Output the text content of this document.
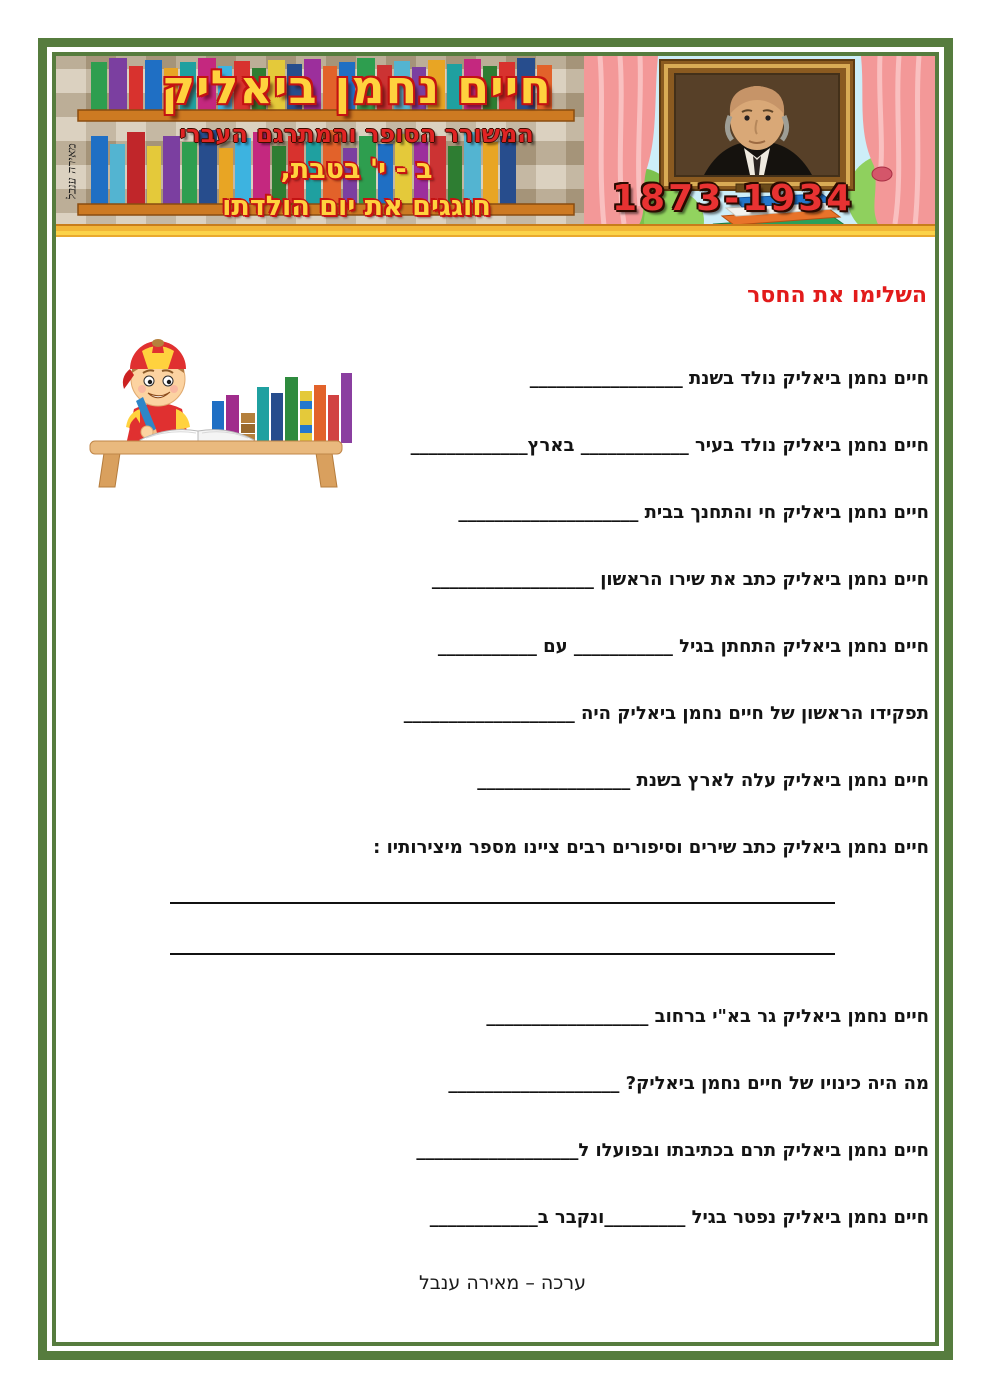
חיים נחמן ביאליק
המשורר הסופר והמתרגם העברי
ב - י' בטבת,
חוגגים את יום הולדתו	1873-1934
מאירה ענבל
השלימו את החסר
חיים נחמן ביאליק נולד בשנת _________________
חיים נחמן ביאליק נולד בעיר ____________ בארץ_____________
חיים נחמן ביאליק חי והתחנך בבית ____________________
חיים נחמן ביאליק כתב את שירו הראשון __________________
חיים נחמן ביאליק התחתן בגיל ___________ עם ___________
תפקידו הראשון של חיים נחמן ביאליק היה ___________________
חיים נחמן ביאליק עלה לארץ בשנת _________________
חיים נחמן ביאליק כתב שירים וסיפורים רבים ציינו מספר מיצירותיו :
חיים נחמן ביאליק גר בא"י ברחוב __________________
מה היה כינויו של חיים נחמן ביאליק? ___________________
חיים נחמן ביאליק תרם בכתיבתו ובפועלו ל__________________
חיים נחמן ביאליק נפטר בגיל _________ונקבר ב____________
ערכה – מאירה ענבל
